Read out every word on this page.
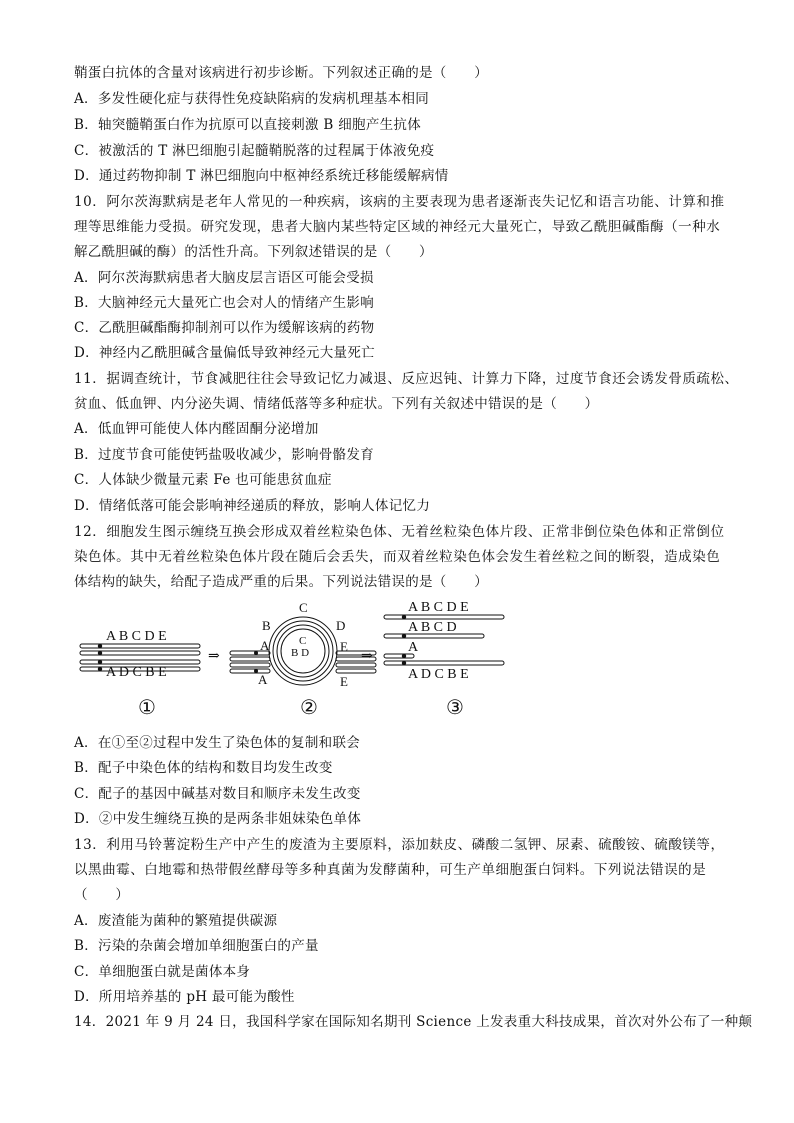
鞘蛋白抗体的含量对该病进行初步诊断。下列叙述正确的是（　　）
A．多发性硬化症与获得性免疫缺陷病的发病机理基本相同
B．轴突髓鞘蛋白作为抗原可以直接刺激 B 细胞产生抗体
C．被激活的 T 淋巴细胞引起髓鞘脱落的过程属于体液免疫
D．通过药物抑制 T 淋巴细胞向中枢神经系统迁移能缓解病情
10．阿尔茨海默病是老年人常见的一种疾病，该病的主要表现为患者逐渐丧失记忆和语言功能、计算和推
理等思维能力受损。研究发现，患者大脑内某些特定区域的神经元大量死亡，导致乙酰胆碱酯酶（一种水
解乙酰胆碱的酶）的活性升高。下列叙述错误的是（　　）
A．阿尔茨海默病患者大脑皮层言语区可能会受损
B．大脑神经元大量死亡也会对人的情绪产生影响
C．乙酰胆碱酯酶抑制剂可以作为缓解该病的药物
D．神经内乙酰胆碱含量偏低导致神经元大量死亡
11．据调查统计，节食减肥往往会导致记忆力减退、反应迟钝、计算力下降，过度节食还会诱发骨质疏松、
贫血、低血钾、内分泌失调、情绪低落等多种症状。下列有关叙述中错误的是（　　）
A．低血钾可能使人体内醛固酮分泌增加
B．过度节食可能使钙盐吸收减少，影响骨骼发育
C．人体缺少微量元素 Fe 也可能患贫血症
D．情绪低落可能会影响神经递质的释放，影响人体记忆力
12．细胞发生图示缠绕互换会形成双着丝粒染色体、无着丝粒染色体片段、正常非倒位染色体和正常倒位
染色体。其中无着丝粒染色体片段在随后会丢失，而双着丝粒染色体会发生着丝粒之间的断裂，造成染色
体结构的缺失，给配子造成严重的后果。下列说法错误的是（　　）
A B C D E
A D C B E
①
⇒
C
B	D
A	E
A	E
C
B D
②
⇒
A B C D E
A B C D
A
A D C B E
③
A．在①至②过程中发生了染色体的复制和联会
B．配子中染色体的结构和数目均发生改变
C．配子的基因中碱基对数目和顺序未发生改变
D．②中发生缠绕互换的是两条非姐妹染色单体
13．利用马铃薯淀粉生产中产生的废渣为主要原料，添加麸皮、磷酸二氢钾、尿素、硫酸铵、硫酸镁等，
以黑曲霉、白地霉和热带假丝酵母等多种真菌为发酵菌种，可生产单细胞蛋白饲料。下列说法错误的是
（　　）
A．废渣能为菌种的繁殖提供碳源
B．污染的杂菌会增加单细胞蛋白的产量
C．单细胞蛋白就是菌体本身
D．所用培养基的 pH 最可能为酸性
14．2021 年 9 月 24 日，我国科学家在国际知名期刊 Science 上发表重大科技成果，首次对外公布了一种颠
